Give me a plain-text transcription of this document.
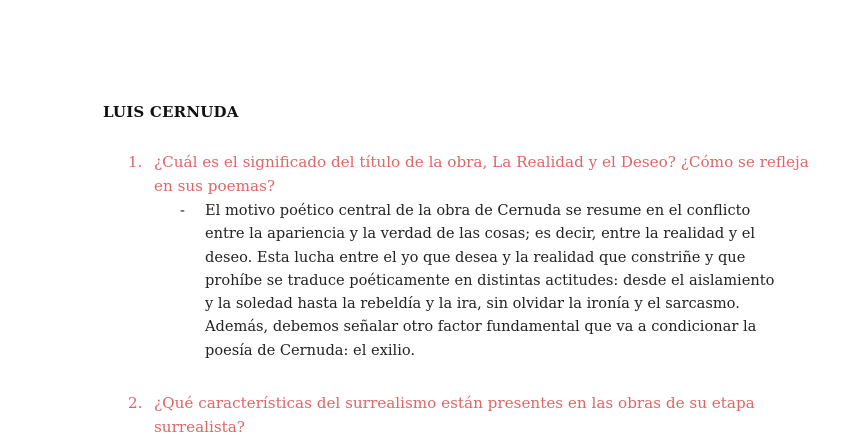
LUIS CERNUDA
1. ¿Cuál es el significado del título de la obra, La Realidad y el Deseo? ¿Cómo se refleja
en sus poemas?
- El motivo poético central de la obra de Cernuda se resume en el conflicto
entre la apariencia y la verdad de las cosas; es decir, entre la realidad y el
deseo. Esta lucha entre el yo que desea y la realidad que constriñe y que
prohíbe se traduce poéticamente en distintas actitudes: desde el aislamiento
y la soledad hasta la rebeldía y la ira, sin olvidar la ironía y el sarcasmo.
Además, debemos señalar otro factor fundamental que va a condicionar la
poesía de Cernuda: el exilio.
2. ¿Qué características del surrealismo están presentes en las obras de su etapa
surrealista?
